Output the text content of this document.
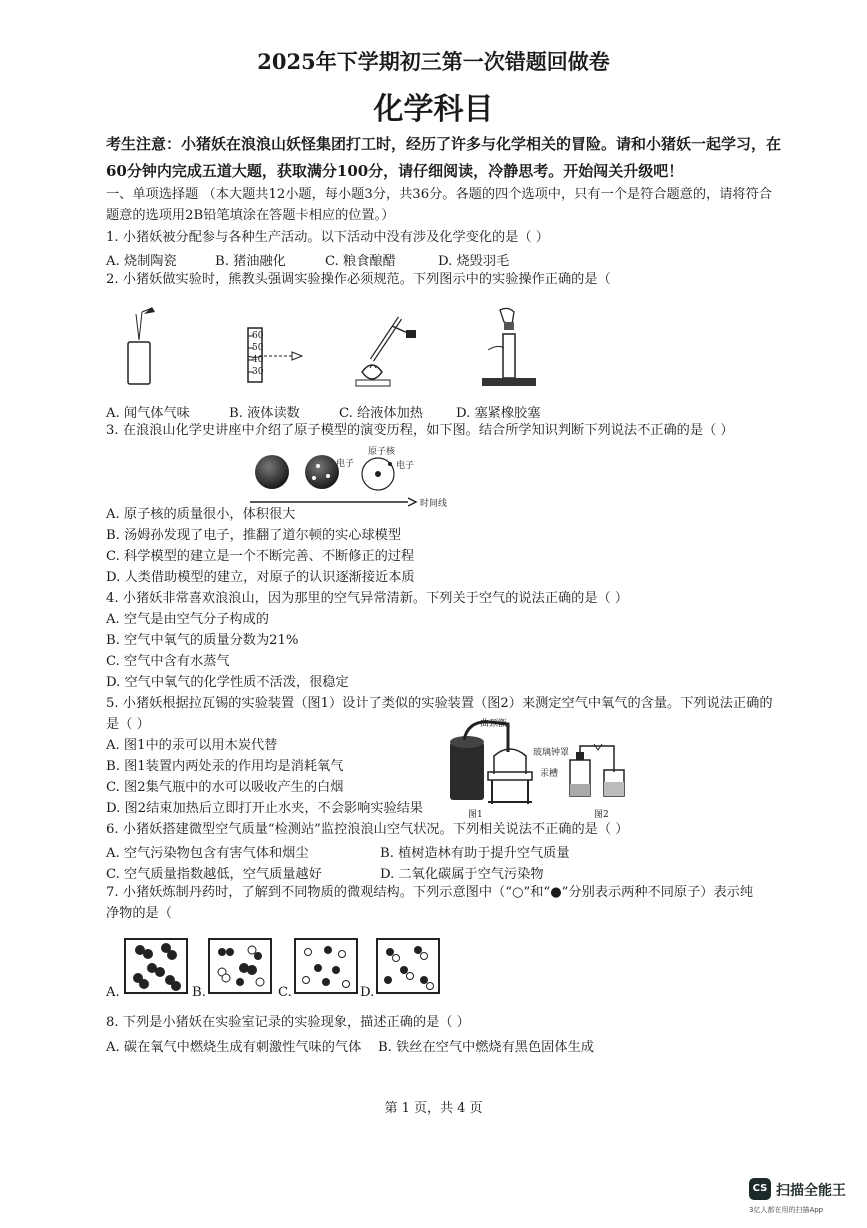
2025年下学期初三第一次错题回做卷
化学科目
考生注意：小猪妖在浪浪山妖怪集团打工时，经历了许多与化学相关的冒险。请和小猪妖一起学习，在
60分钟内完成五道大题，获取满分100分，请仔细阅读，冷静思考。开始闯关升级吧！
一、单项选择题 （本大题共12小题，每小题3分，共36分。各题的四个选项中，只有一个是符合题意的，请将符合
题意的选项用2B铅笔填涂在答题卡相应的位置。）
1. 小猪妖被分配参与各种生产活动。以下活动中没有涉及化学变化的是（ ）
A. 烧制陶瓷	B. 猪油融化	C. 粮食酿醋	D. 烧毁羽毛
2. 小猪妖做实验时，熊教头强调实验操作必须规范。下列图示中的实验操作正确的是（
60
50
40
30
A. 闻气体气味	B. 液体读数	C. 给液体加热	D. 塞紧橡胶塞
3. 在浪浪山化学史讲座中介绍了原子模型的演变历程，如下图。结合所学知识判断下列说法不正确的是（ ）
电子
原子核
电子
时间线
A. 原子核的质量很小，体积很大
B. 汤姆孙发现了电子，推翻了道尔顿的实心球模型
C. 科学模型的建立是一个不断完善、不断修正的过程
D. 人类借助模型的建立，对原子的认识逐渐接近本质
4. 小猪妖非常喜欢浪浪山，因为那里的空气异常清新。下列关于空气的说法正确的是（ ）
A. 空气是由空气分子构成的
B. 空气中氧气的质量分数为21%
C. 空气中含有水蒸气
D. 空气中氧气的化学性质不活泼，很稳定
5. 小猪妖根据拉瓦锡的实验装置（图1）设计了类似的实验装置（图2）来测定空气中氧气的含量。下列说法正确的
是（ ）
A. 图1中的汞可以用木炭代替
B. 图1装置内两处汞的作用均是消耗氧气
C. 图2集气瓶中的水可以吸收产生的白烟
D. 图2结束加热后立即打开止水夹，不会影响实验结果
曲颈甑
玻璃钟罩
汞槽
图1	图2
6. 小猪妖搭建微型空气质量“检测站”监控浪浪山空气状况。下列相关说法不正确的是（ ）
A. 空气污染物包含有害气体和烟尘	B. 植树造林有助于提升空气质量
C. 空气质量指数越低，空气质量越好	D. 二氧化碳属于空气污染物
7. 小猪妖炼制丹药时，了解到不同物质的微观结构。下列示意图中（“○”和“●”分别表示两种不同原子）表示纯
净物的是（
A.	B.	C.	D.
8. 下列是小猪妖在实验室记录的实验现象，描述正确的是（ ）
A. 碳在氧气中燃烧生成有刺激性气味的气体 B. 铁丝在空气中燃烧有黑色固体生成
第 1 页，共 4 页
CS 扫描全能王
3亿人都在用的扫描App
